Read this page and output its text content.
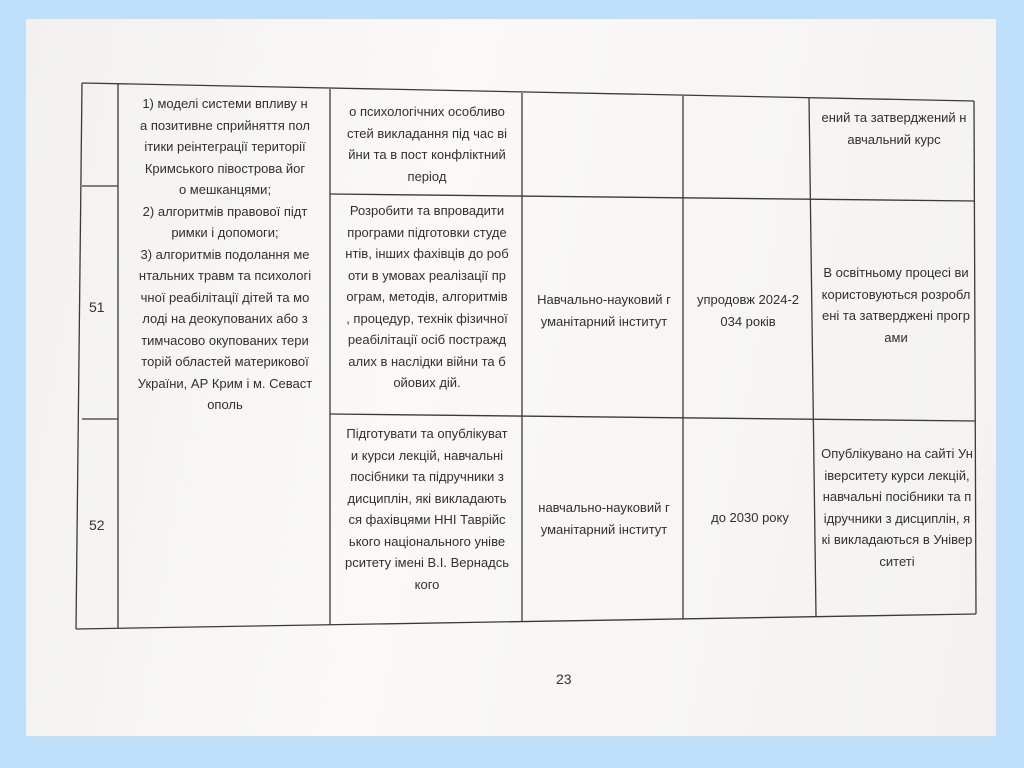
1) моделі системи впливу н
а позитивне сприйняття пол
ітики реінтеграції території
Кримського півострова йог
о мешканцями;
2) алгоритмів правової підт
римки і допомоги;
3) алгоритмів подолання ме
нтальних травм та психологі
чної реабілітації дітей та мо
лоді на деокупованих або з
тимчасово окупованих тери
торій областей материкової
України, АР Крим і м. Севаст
ополь
о психологічних особливо
стей викладання під час ві
йни та в пост конфліктний
період
ений та затверджений н
авчальний курс
51
Розробити та впровадити
програми підготовки студе
нтів, інших фахівців до роб
оти в умовах реалізації пр
ограм, методів, алгоритмів
, процедур, технік фізичної
реабілітації осіб постражд
алих в наслідки війни та б
ойових дій.
Навчально-науковий г
уманітарний інститут
упродовж 2024-2
034 років
В освітньому процесі ви
користовуються розробл
ені та затверджені прогр
ами
52
Підготувати та опублікуват
и курси лекцій, навчальні
посібники та підручники з
дисциплін, які викладають
ся фахівцями ННІ Таврійс
ького національного уніве
рситету імені В.І. Вернадсь
кого
навчально-науковий г
уманітарний інститут
до 2030 року
Опублікувано на сайті Ун
іверситету курси лекцій,
навчальні посібники та п
ідручники з дисциплін, я
кі викладаються в Універ
ситеті
23
